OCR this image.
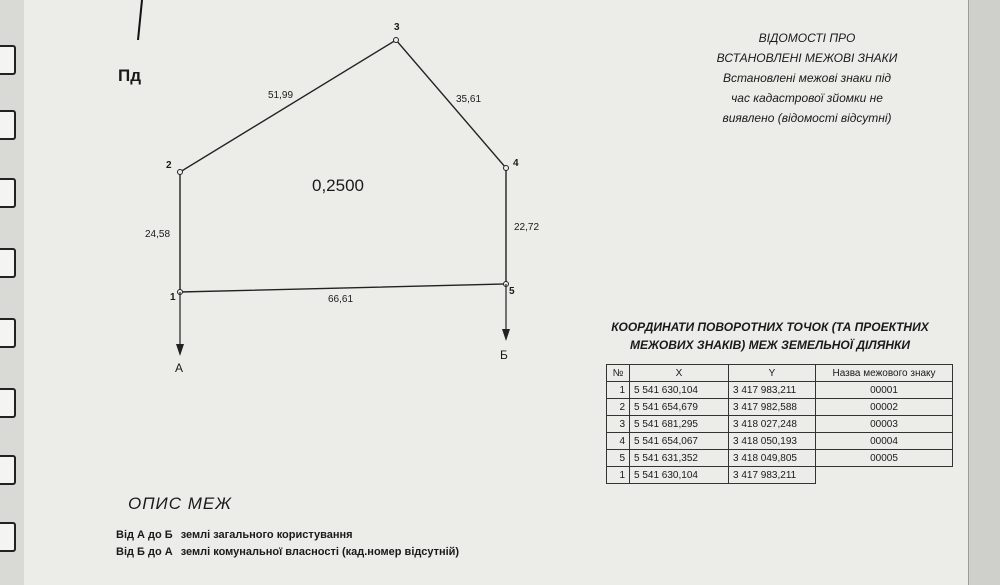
Пд
1
2
3
4
5
24,58
51,99	35,61
22,72
66,61
0,2500
А
Б
ВІДОМОСТІ ПРО
ВСТАНОВЛЕНІ МЕЖОВІ ЗНАКИ
Встановлені межові знаки під
час кадастрової зйомки не
виявлено (відомості відсутні)
КООРДИНАТИ ПОВОРОТНИХ ТОЧОК (ТА ПРОЕКТНИХ
МЕЖОВИХ ЗНАКІВ) МЕЖ ЗЕМЕЛЬНОЇ ДІЛЯНКИ
№	X	Y	Назва межового знаку
1	5 541 630,104	3 417 983,211	00001
2	5 541 654,679	3 417 982,588	00002
3	5 541 681,295	3 418 027,248	00003
4	5 541 654,067	3 418 050,193	00004
5	5 541 631,352	3 418 049,805	00005
1	5 541 630,104	3 417 983,211	
ОПИС МЕЖ
Від А до Б землі загального користування
Від Б до А землі комунальної власності (кад.номер відсутній)
